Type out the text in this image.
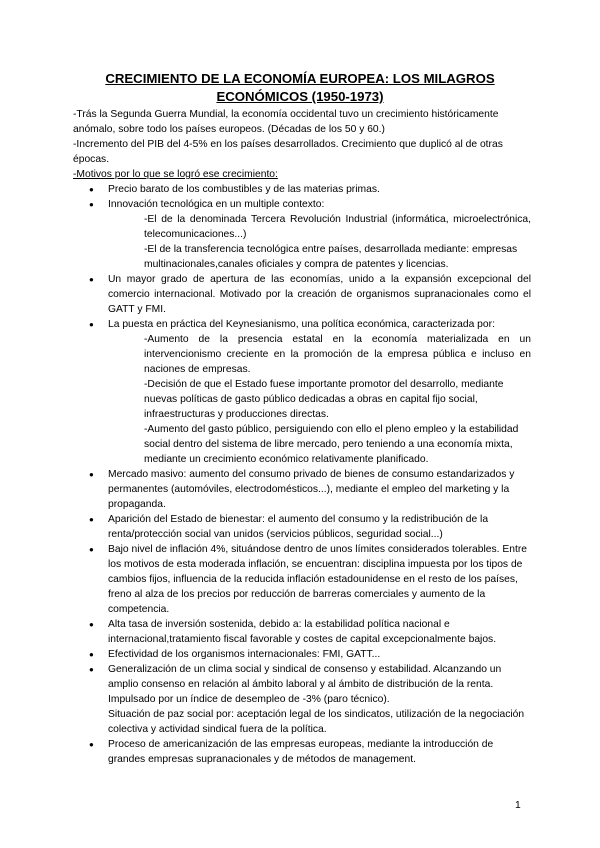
CRECIMIENTO DE LA ECONOMÍA EUROPEA: LOS MILAGROS
ECONÓMICOS (1950-1973)

-Trás la Segunda Guerra Mundial, la economía occidental tuvo un crecimiento históricamente anómalo, sobre todo los países europeos. (Décadas de los 50 y 60.)

-Incremento del PIB del 4-5% en los países desarrollados. Crecimiento que duplicó al de otras épocas.

-Motivos por lo que se logró ese crecimiento:

● Precio barato de los combustibles y de las materias primas.
● Innovación tecnológica en un multiple contexto:
-El de la denominada Tercera Revolución Industrial (informática, microelectrónica, telecomunicaciones...)
-El de la transferencia tecnológica entre países, desarrollada mediante: empresas multinacionales,canales oficiales y compra de patentes y licencias.
● Un mayor grado de apertura de las economías, unido a la expansión excepcional del comercio internacional. Motivado por la creación de organismos supranacionales como el GATT y FMI.
● La puesta en práctica del Keynesianismo, una política económica, caracterizada por:
-Aumento de la presencia estatal en la economía materializada en un intervencionismo creciente en la promoción de la empresa pública e incluso en naciones de empresas.
-Decisión de que el Estado fuese importante promotor del desarrollo, mediante nuevas políticas de gasto público dedicadas a obras en capital fijo social, infraestructuras y producciones directas.
-Aumento del gasto público, persiguiendo con ello el pleno empleo y la estabilidad social dentro del sistema de libre mercado, pero teniendo a una economía mixta, mediante un crecimiento económico relativamente planificado.
● Mercado masivo: aumento del consumo privado de bienes de consumo estandarizados y permanentes (automóviles, electrodomésticos...), mediante el empleo del marketing y la propaganda.
● Aparición del Estado de bienestar: el aumento del consumo y la redistribución de la renta/protección social van unidos (servicios públicos, seguridad social...)
● Bajo nivel de inflación 4%, situándose dentro de unos límites considerados tolerables. Entre los motivos de esta moderada inflación, se encuentran: disciplina impuesta por los tipos de cambios fijos, influencia de la reducida inflación estadounidense en el resto de los países, freno al alza de los precios por reducción de barreras comerciales y aumento de la competencia.
● Alta tasa de inversión sostenida, debido a: la estabilidad política nacional e internacional,tratamiento fiscal favorable y costes de capital excepcionalmente bajos.
● Efectividad de los organismos internacionales: FMI, GATT...
● Generalización de un clima social y sindical de consenso y estabilidad. Alcanzando un amplio consenso en relación al ámbito laboral y al ámbito de distribución de la renta. Impulsado por un índice de desempleo de -3% (paro técnico).
Situación de paz social por: aceptación legal de los sindicatos, utilización de la negociación colectiva y actividad sindical fuera de la política.
● Proceso de americanización de las empresas europeas, mediante la introducción de grandes empresas supranacionales y de métodos de management.
1
